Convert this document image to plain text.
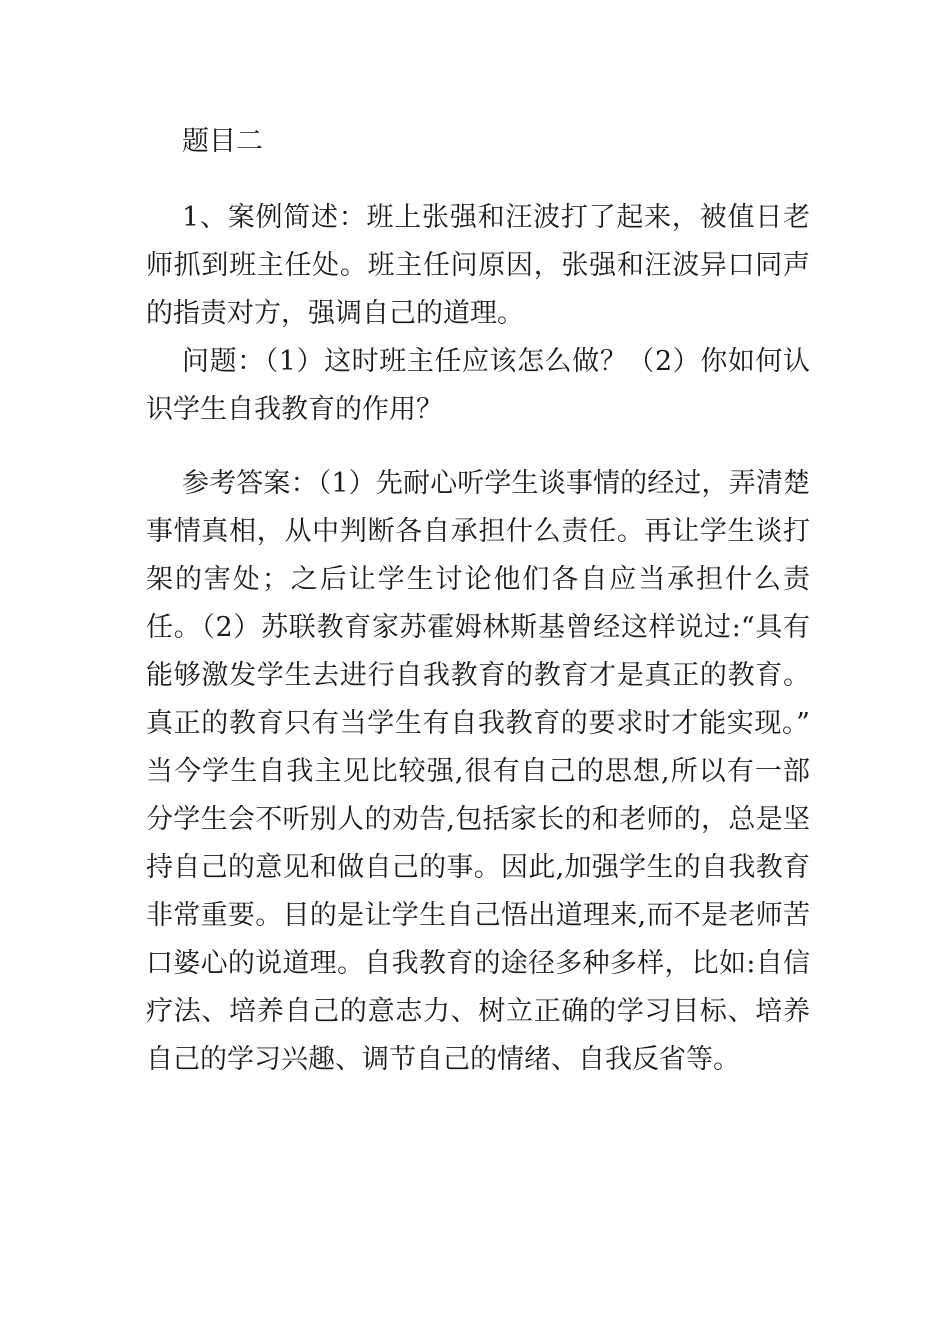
题目二

1、案例简述：班上张强和汪波打了起来，被值日老师抓到班主任处。班主任问原因，张强和汪波异口同声的指责对方，强调自己的道理。

问题：（1）这时班主任应该怎么做？（2）你如何认识学生自我教育的作用？

参考答案：（1）先耐心听学生谈事情的经过，弄清楚事情真相，从中判断各自承担什么责任。再让学生谈打架的害处；之后让学生讨论他们各自应当承担什么责任。（2）苏联教育家苏霍姆林斯基曾经这样说过:“具有能够激发学生去进行自我教育的教育才是真正的教育。真正的教育只有当学生有自我教育的要求时才能实现。” 当今学生自我主见比较强,很有自己的思想,所以有一部分学生会不听别人的劝告,包括家长的和老师的，总是坚持自己的意见和做自己的事。因此,加强学生的自我教育非常重要。目的是让学生自己悟出道理来,而不是老师苦口婆心的说道理。自我教育的途径多种多样，比如:自信疗法、培养自己的意志力、树立正确的学习目标、培养自己的学习兴趣、调节自己的情绪、自我反省等。
